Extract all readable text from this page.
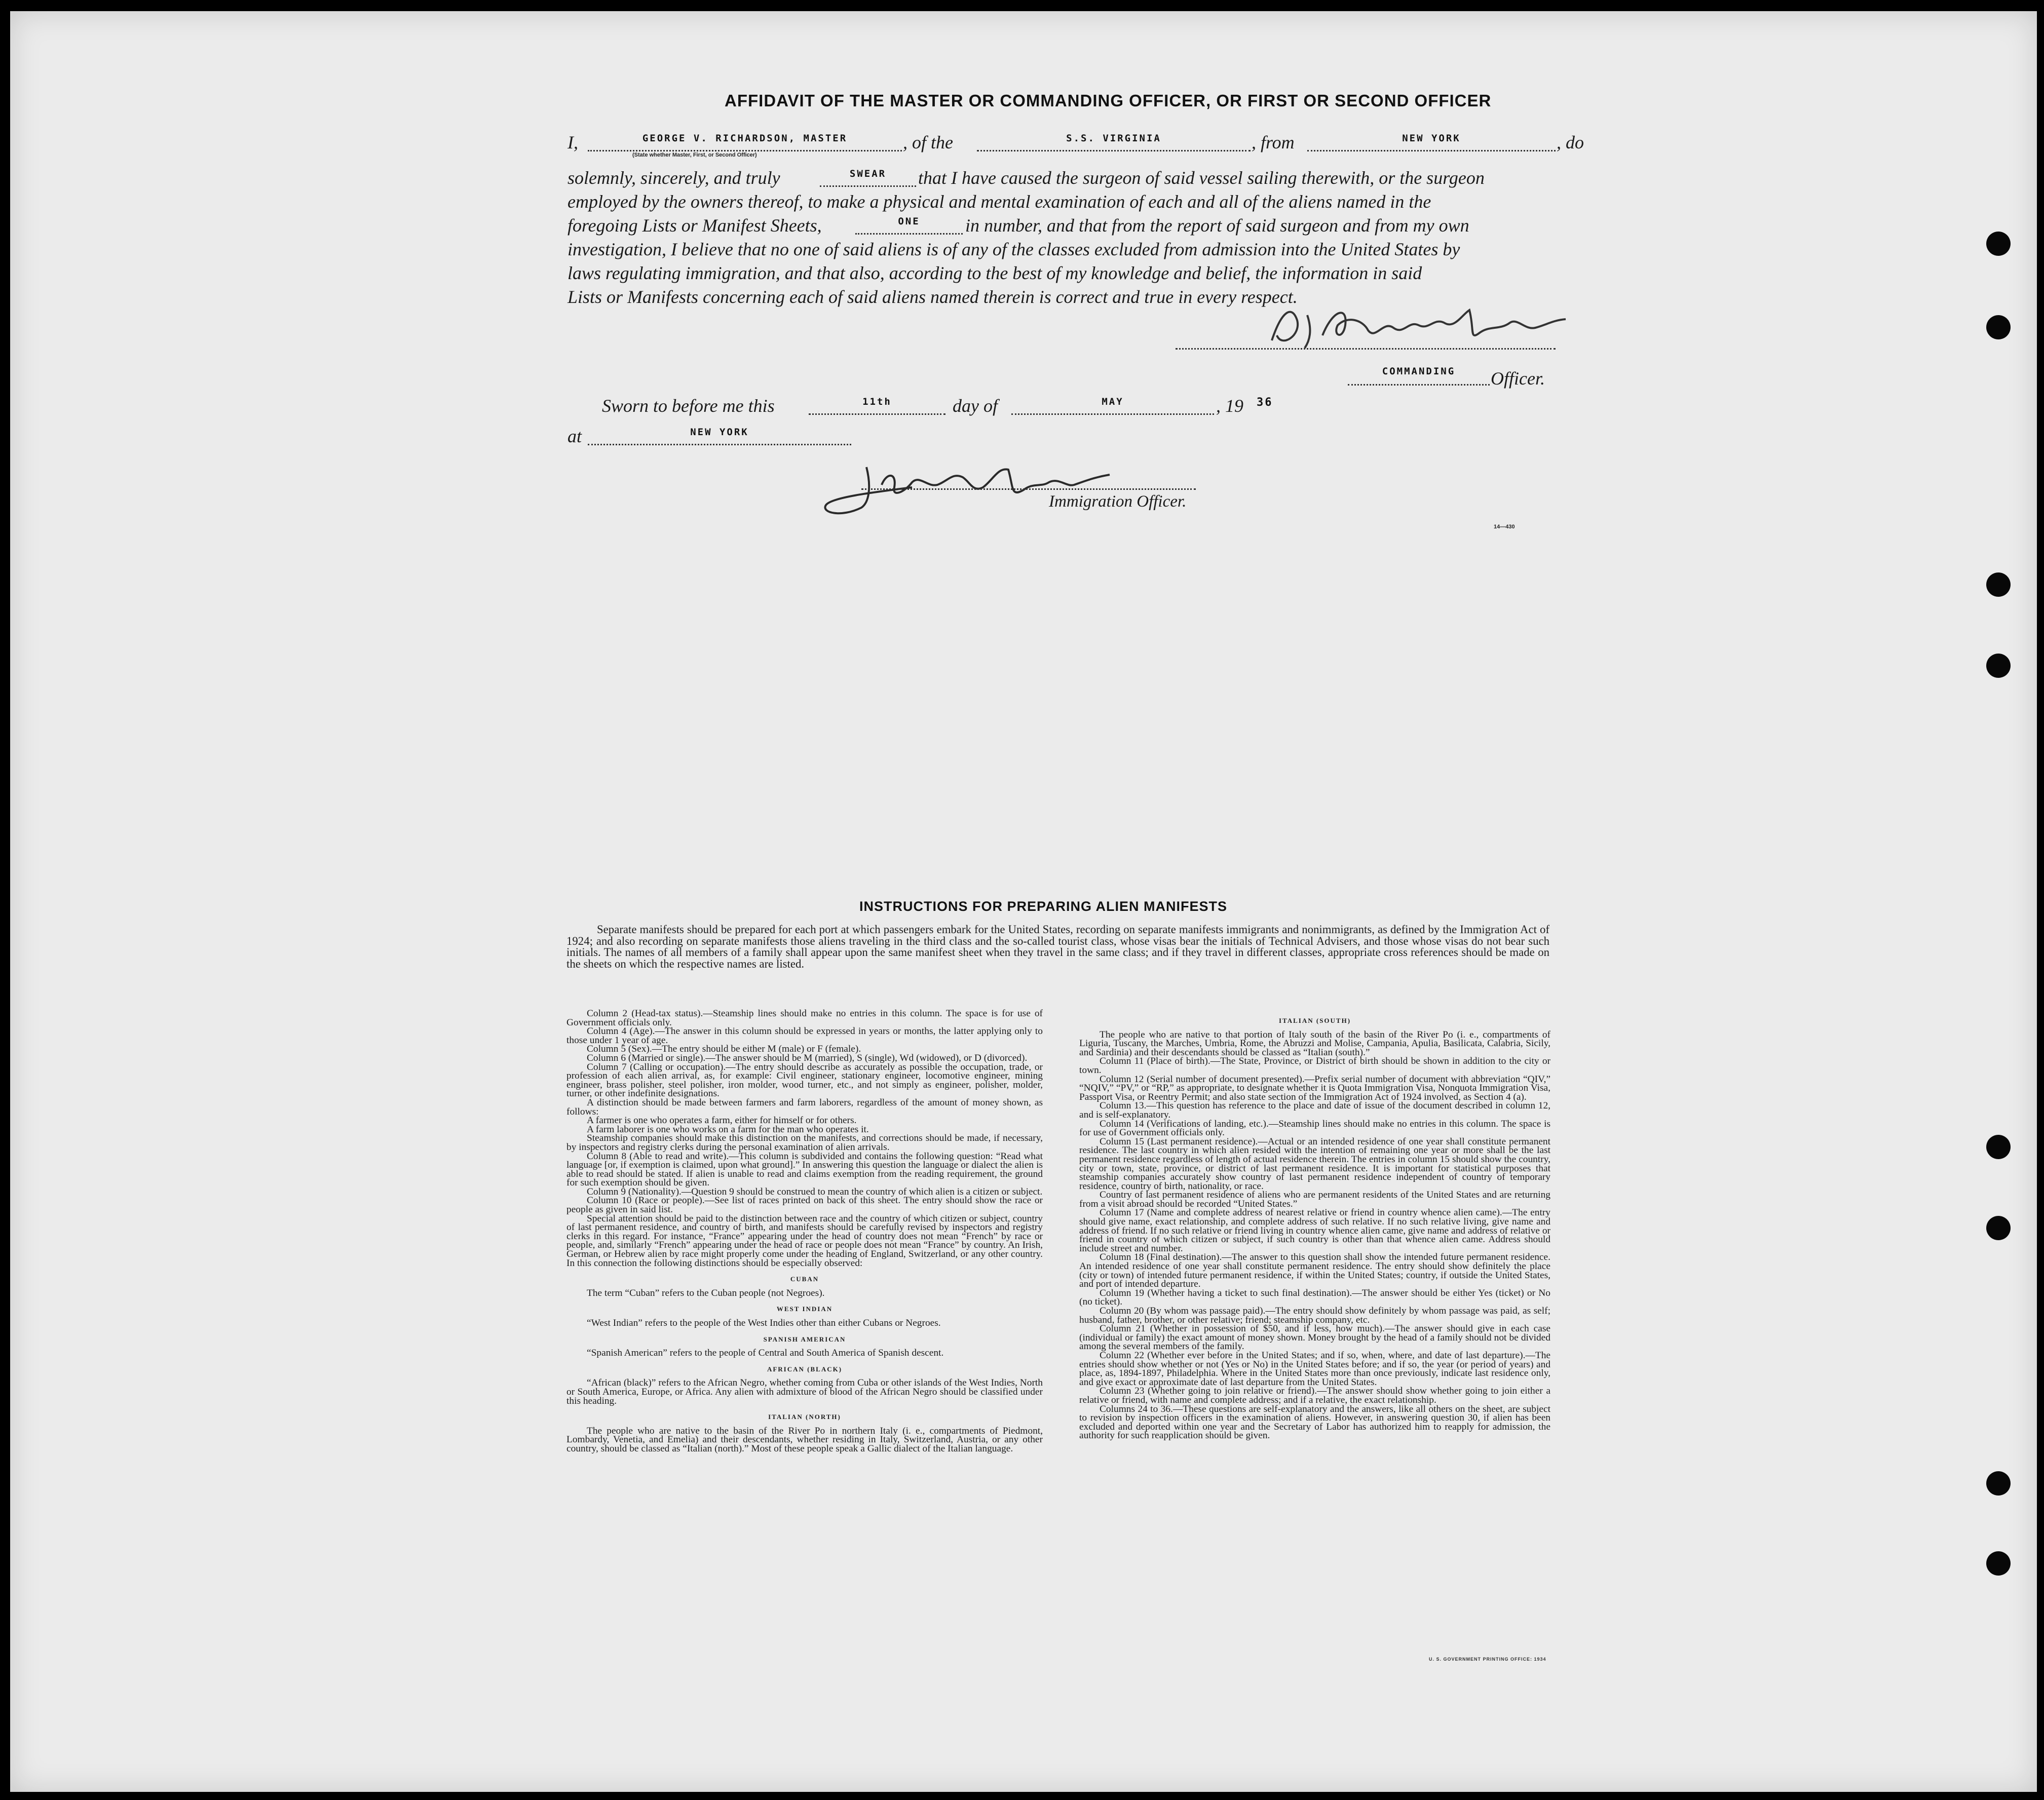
AFFIDAVIT OF THE MASTER OR COMMANDING OFFICER, OR FIRST OR SECOND OFFICER
I,	GEORGE V. RICHARDSON, MASTER
(State whether Master, First, or Second Officer)
, of the	S.S. VIRGINIA	, from	NEW YORK	, do
solemnly, sincerely, and truly	SWEAR	that I have caused the surgeon of said vessel sailing therewith, or the surgeon
employed by the owners thereof, to make a physical and mental examination of each and all of the aliens named in the
foregoing Lists or Manifest Sheets,	ONE	in number, and that from the report of said surgeon and from my own
investigation, I believe that no one of said aliens is of any of the classes excluded from admission into the United States by
laws regulating immigration, and that also, according to the best of my knowledge and belief, the information in said
Lists or Manifests concerning each of said aliens named therein is correct and true in every respect.
COMMANDING	Officer.
Sworn to before me this	11th	day of	MAY	, 19 36
at	NEW YORK
Immigration Officer.
14—430
INSTRUCTIONS FOR PREPARING ALIEN MANIFESTS
Separate manifests should be prepared for each port at which passengers embark for the United States, recording on separate manifests immigrants and nonimmigrants, as defined by the Immigration Act of 1924; and also recording on separate manifests those aliens traveling in the third class and the so-called tourist class, whose visas bear the initials of Technical Advisers, and those whose visas do not bear such initials. The names of all members of a family shall appear upon the same manifest sheet when they travel in the same class; and if they travel in different classes, appropriate cross references should be made on the sheets on which the respective names are listed.

Column 2 (Head-tax status).—Steamship lines should make no entries in this column. The space is for use of Government officials only.

Column 4 (Age).—The answer in this column should be expressed in years or months, the latter applying only to those under 1 year of age.

Column 5 (Sex).—The entry should be either M (male) or F (female).

Column 6 (Married or single).—The answer should be M (married), S (single), Wd (widowed), or D (divorced).

Column 7 (Calling or occupation).—The entry should describe as accurately as possible the occupation, trade, or profession of each alien arrival, as, for example: Civil engineer, stationary engineer, locomotive engineer, mining engineer, brass polisher, steel polisher, iron molder, wood turner, etc., and not simply as engineer, polisher, molder, turner, or other indefinite designations.

A distinction should be made between farmers and farm laborers, regardless of the amount of money shown, as follows:

A farmer is one who operates a farm, either for himself or for others.

A farm laborer is one who works on a farm for the man who operates it.

Steamship companies should make this distinction on the manifests, and corrections should be made, if necessary, by inspectors and registry clerks during the personal examination of alien arrivals.

Column 8 (Able to read and write).—This column is subdivided and contains the following question: “Read what language [or, if exemption is claimed, upon what ground].” In answering this question the language or dialect the alien is able to read should be stated. If alien is unable to read and claims exemption from the reading requirement, the ground for such exemption should be given.

Column 9 (Nationality).—Question 9 should be construed to mean the country of which alien is a citizen or subject.

Column 10 (Race or people).—See list of races printed on back of this sheet. The entry should show the race or people as given in said list.

Special attention should be paid to the distinction between race and the country of which citizen or subject, country of last permanent residence, and country of birth, and manifests should be carefully revised by inspectors and registry clerks in this regard. For instance, “France” appearing under the head of country does not mean “French” by race or people, and, similarly “French” appearing under the head of race or people does not mean “France” by country. An Irish, German, or Hebrew alien by race might properly come under the heading of England, Switzerland, or any other country. In this connection the following distinctions should be especially observed:

CUBAN

The term “Cuban” refers to the Cuban people (not Negroes).

WEST INDIAN

“West Indian” refers to the people of the West Indies other than either Cubans or Negroes.

SPANISH AMERICAN

“Spanish American” refers to the people of Central and South America of Spanish descent.

AFRICAN (BLACK)

“African (black)” refers to the African Negro, whether coming from Cuba or other islands of the West Indies, North or South America, Europe, or Africa. Any alien with admixture of blood of the African Negro should be classified under this heading.

ITALIAN (NORTH)

The people who are native to the basin of the River Po in northern Italy (i. e., compartments of Piedmont, Lombardy, Venetia, and Emelia) and their descendants, whether residing in Italy, Switzerland, Austria, or any other country, should be classed as “Italian (north).” Most of these people speak a Gallic dialect of the Italian language.

ITALIAN (SOUTH)

The people who are native to that portion of Italy south of the basin of the River Po (i. e., compartments of Liguria, Tuscany, the Marches, Umbria, Rome, the Abruzzi and Molise, Campania, Apulia, Basilicata, Calabria, Sicily, and Sardinia) and their descendants should be classed as “Italian (south).”

Column 11 (Place of birth).—The State, Province, or District of birth should be shown in addition to the city or town.

Column 12 (Serial number of document presented).—Prefix serial number of document with abbreviation “QIV,” “NQIV,” “PV,” or “RP,” as appropriate, to designate whether it is Quota Immigration Visa, Nonquota Immigration Visa, Passport Visa, or Reentry Permit; and also state section of the Immigration Act of 1924 involved, as Section 4 (a).

Column 13.—This question has reference to the place and date of issue of the document described in column 12, and is self-explanatory.

Column 14 (Verifications of landing, etc.).—Steamship lines should make no entries in this column. The space is for use of Government officials only.

Column 15 (Last permanent residence).—Actual or an intended residence of one year shall constitute permanent residence. The last country in which alien resided with the intention of remaining one year or more shall be the last permanent residence regardless of length of actual residence therein. The entries in column 15 should show the country, city or town, state, province, or district of last permanent residence. It is important for statistical purposes that steamship companies accurately show country of last permanent residence independent of country of temporary residence, country of birth, nationality, or race.

Country of last permanent residence of aliens who are permanent residents of the United States and are returning from a visit abroad should be recorded “United States.”

Column 17 (Name and complete address of nearest relative or friend in country whence alien came).—The entry should give name, exact relationship, and complete address of such relative. If no such relative living, give name and address of friend. If no such relative or friend living in country whence alien came, give name and address of relative or friend in country of which citizen or subject, if such country is other than that whence alien came. Address should include street and number.

Column 18 (Final destination).—The answer to this question shall show the intended future permanent residence. An intended residence of one year shall constitute permanent residence. The entry should show definitely the place (city or town) of intended future permanent residence, if within the United States; country, if outside the United States, and port of intended departure.

Column 19 (Whether having a ticket to such final destination).—The answer should be either Yes (ticket) or No (no ticket).

Column 20 (By whom was passage paid).—The entry should show definitely by whom passage was paid, as self; husband, father, brother, or other relative; friend; steamship company, etc.

Column 21 (Whether in possession of $50, and if less, how much).—The answer should give in each case (individual or family) the exact amount of money shown. Money brought by the head of a family should not be divided among the several members of the family.

Column 22 (Whether ever before in the United States; and if so, when, where, and date of last departure).—The entries should show whether or not (Yes or No) in the United States before; and if so, the year (or period of years) and place, as, 1894-1897, Philadelphia. Where in the United States more than once previously, indicate last residence only, and give exact or approximate date of last departure from the United States.

Column 23 (Whether going to join relative or friend).—The answer should show whether going to join either a relative or friend, with name and complete address; and if a relative, the exact relationship.

Columns 24 to 36.—These questions are self-explanatory and the answers, like all others on the sheet, are subject to revision by inspection officers in the examination of aliens. However, in answering question 30, if alien has been excluded and deported within one year and the Secretary of Labor has authorized him to reapply for admission, the authority for such reapplication should be given.

U. S. GOVERNMENT PRINTING OFFICE: 1934
